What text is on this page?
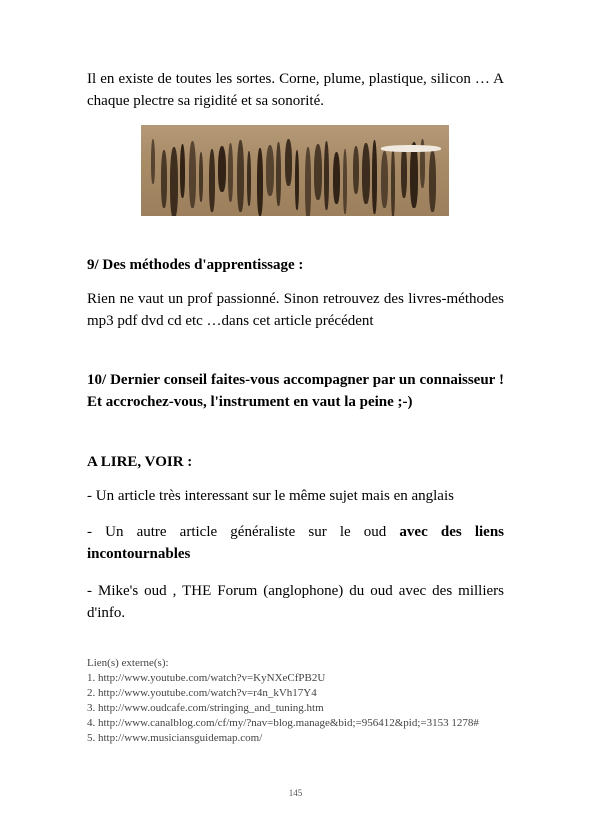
Il en existe de toutes les sortes. Corne, plume, plastique, silicon … A chaque plectre sa rigidité et sa sonorité.

9/ Des méthodes d'apprentissage :

Rien ne vaut un prof passionné. Sinon retrouvez des livres-méthodes mp3 pdf dvd cd etc …dans cet article précédent

10/ Dernier conseil faites-vous accompagner par un connaisseur ! Et accrochez-vous, l'instrument en vaut la peine ;-)

A LIRE, VOIR :

- Un article très interessant sur le même sujet mais en anglais

- Un autre article généraliste sur le oud avec des liens incontournables

- Mike's oud , THE Forum (anglophone) du oud avec des milliers d'info.

Lien(s) externe(s):
1. http://www.youtube.com/watch?v=KyNXeCfPB2U
2. http://www.youtube.com/watch?v=r4n_kVh17Y4
3. http://www.oudcafe.com/stringing_and_tuning.htm
4. http://www.canalblog.com/cf/my/?nav=blog.manage&bid;=956412&pid;=3153 1278#
5. http://www.musiciansguidemap.com/
145
